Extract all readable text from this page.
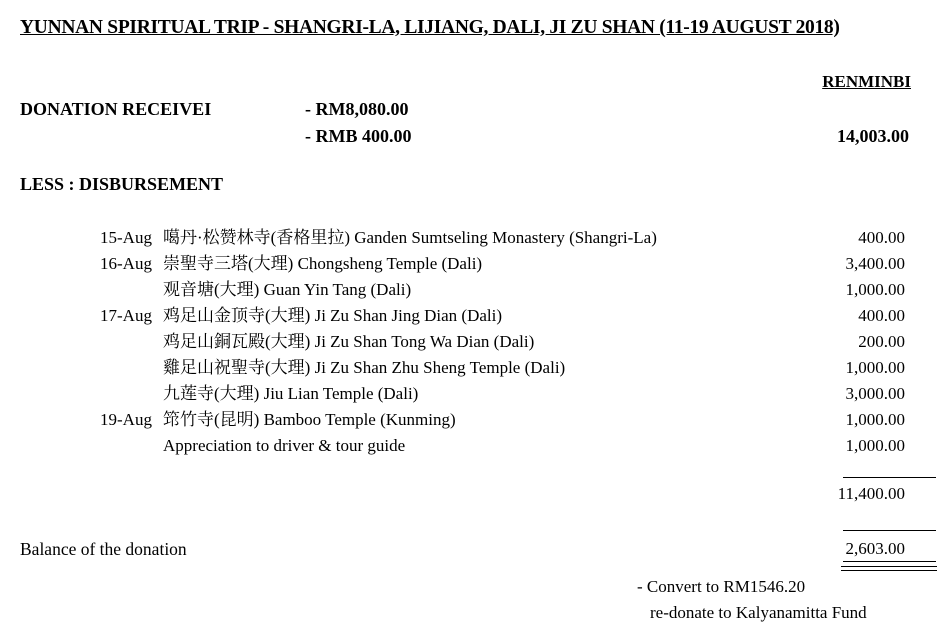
YUNNAN SPIRITUAL TRIP - SHANGRI-LA, LIJIANG, DALI, JI ZU SHAN (11-19 AUGUST 2018)
RENMINBI
DONATION RECEIVEI	- RM8,080.00
- RMB 400.00	14,003.00
LESS : DISBURSEMENT
15-Aug 噶丹·松赞林寺(香格里拉) Ganden Sumtseling Monastery (Shangri-La)	400.00
16-Aug 崇聖寺三塔(大理) Chongsheng Temple (Dali)	3,400.00
观音塘(大理) Guan Yin Tang (Dali)	1,000.00
17-Aug 鸡足山金顶寺(大理) Ji Zu Shan Jing Dian (Dali)	400.00
鸡足山銅瓦殿(大理) Ji Zu Shan Tong Wa Dian (Dali)	200.00
雞足山祝聖寺(大理) Ji Zu Shan Zhu Sheng Temple (Dali)	1,000.00
九莲寺(大理) Jiu Lian Temple (Dali)	3,000.00
19-Aug 筇竹寺(昆明) Bamboo Temple (Kunming)	1,000.00
Appreciation to driver & tour guide	1,000.00
11,400.00
Balance of the donation	2,603.00
- Convert to RM1546.20
re-donate to Kalyanamitta Fund
